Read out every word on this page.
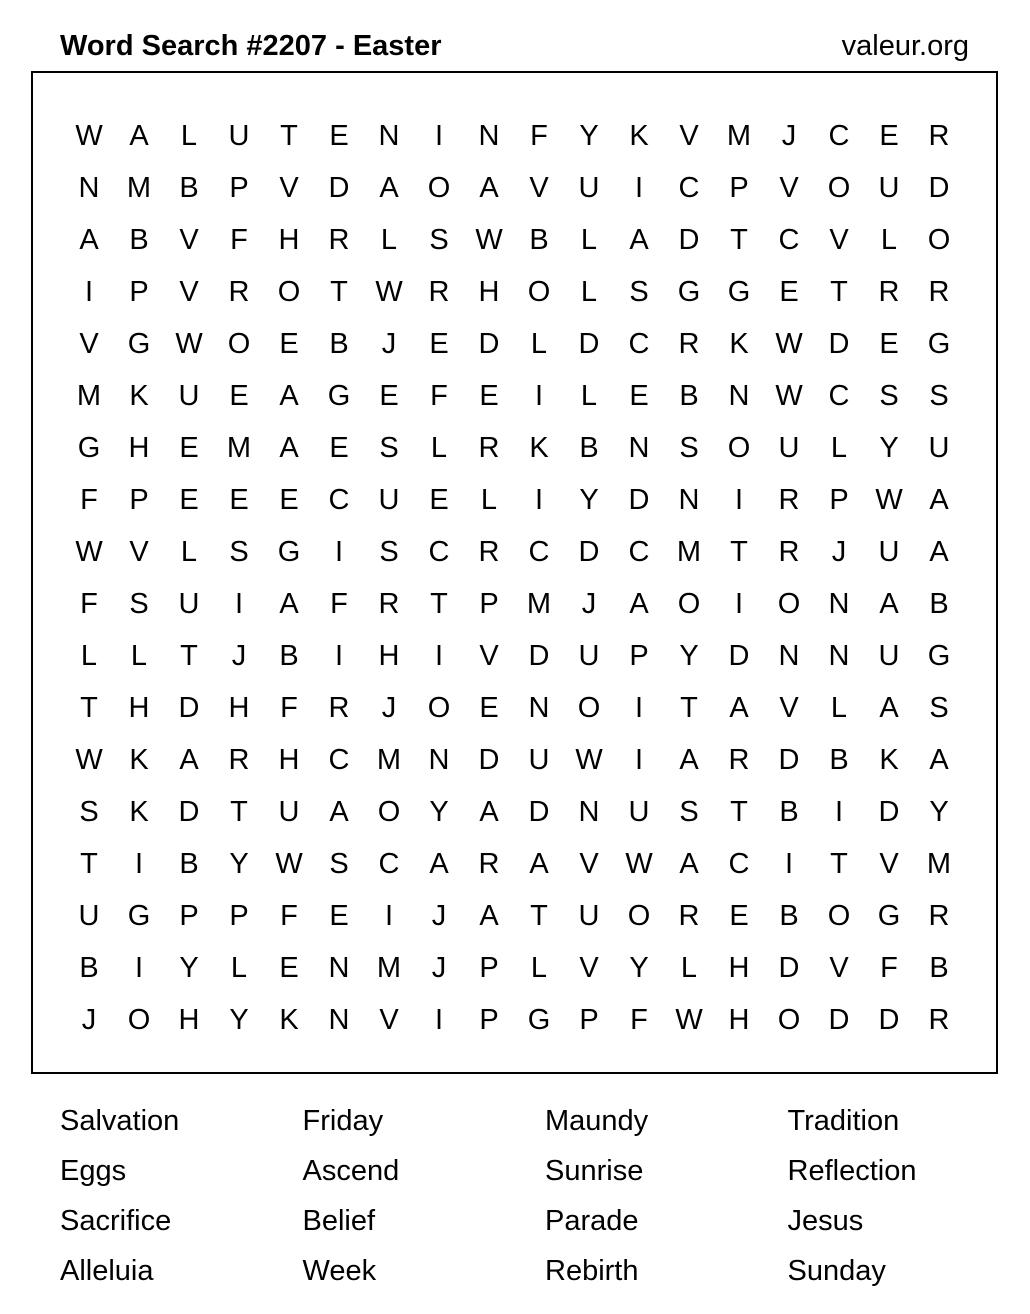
Word Search #2207 - Easter	valeur.org
W A	L	U	T	E	N	I	N	F	Y	K	V M	J	C	E	R
N M B	P	V	D	A	O	A	V	U	I	C	P	V	O U	D
A	B	V	F	H	R	L	S W B	L	A	D	T	C	V	L	O
I	P	V	R O	T W R	H O	L	S	G G	E	T	R	R
V	G W O	E	B	J	E	D	L	D	C	R	K W D	E	G
M K	U	E	A	G	E	F	E	I	L	E	B	N W C	S	S
G H	E M A	E	S	L	R	K	B	N	S	O U	L	Y	U
F	P	E	E	E	C	U	E	L	I	Y	D	N	I	R	P W A
W V	L	S	G	I	S	C	R	C	D	C M	T	R	J	U	A
F	S	U	I	A	F	R	T	P M	J	A	O	I	O N	A	B
L	L	T	J	B	I	H	I	V	D	U	P	Y	D	N	N	U G
T	H	D	H	F	R	J	O	E	N O	I	T	A	V	L	A	S
W K	A	R	H	C M N	D	U W	I	A	R	D	B	K	A
S	K	D	T	U	A	O	Y	A	D	N	U	S	T	B	I	D	Y
T	I	B	Y W S	C	A	R	A	V W A	C	I	T	V M
U G	P	P	F	E	I	J	A	T	U O R	E	B	O G R
B	I	Y	L	E	N M	J	P	L	V	Y	L	H	D	V	F	B
J	O H	Y	K	N	V	I	P	G	P	F W H O D	D	R
Salvation	Friday	Maundy	Tradition
Eggs	Ascend	Sunrise	Reflection
Sacrifice	Belief	Parade	Jesus
Alleluia	Week	Rebirth	Sunday
